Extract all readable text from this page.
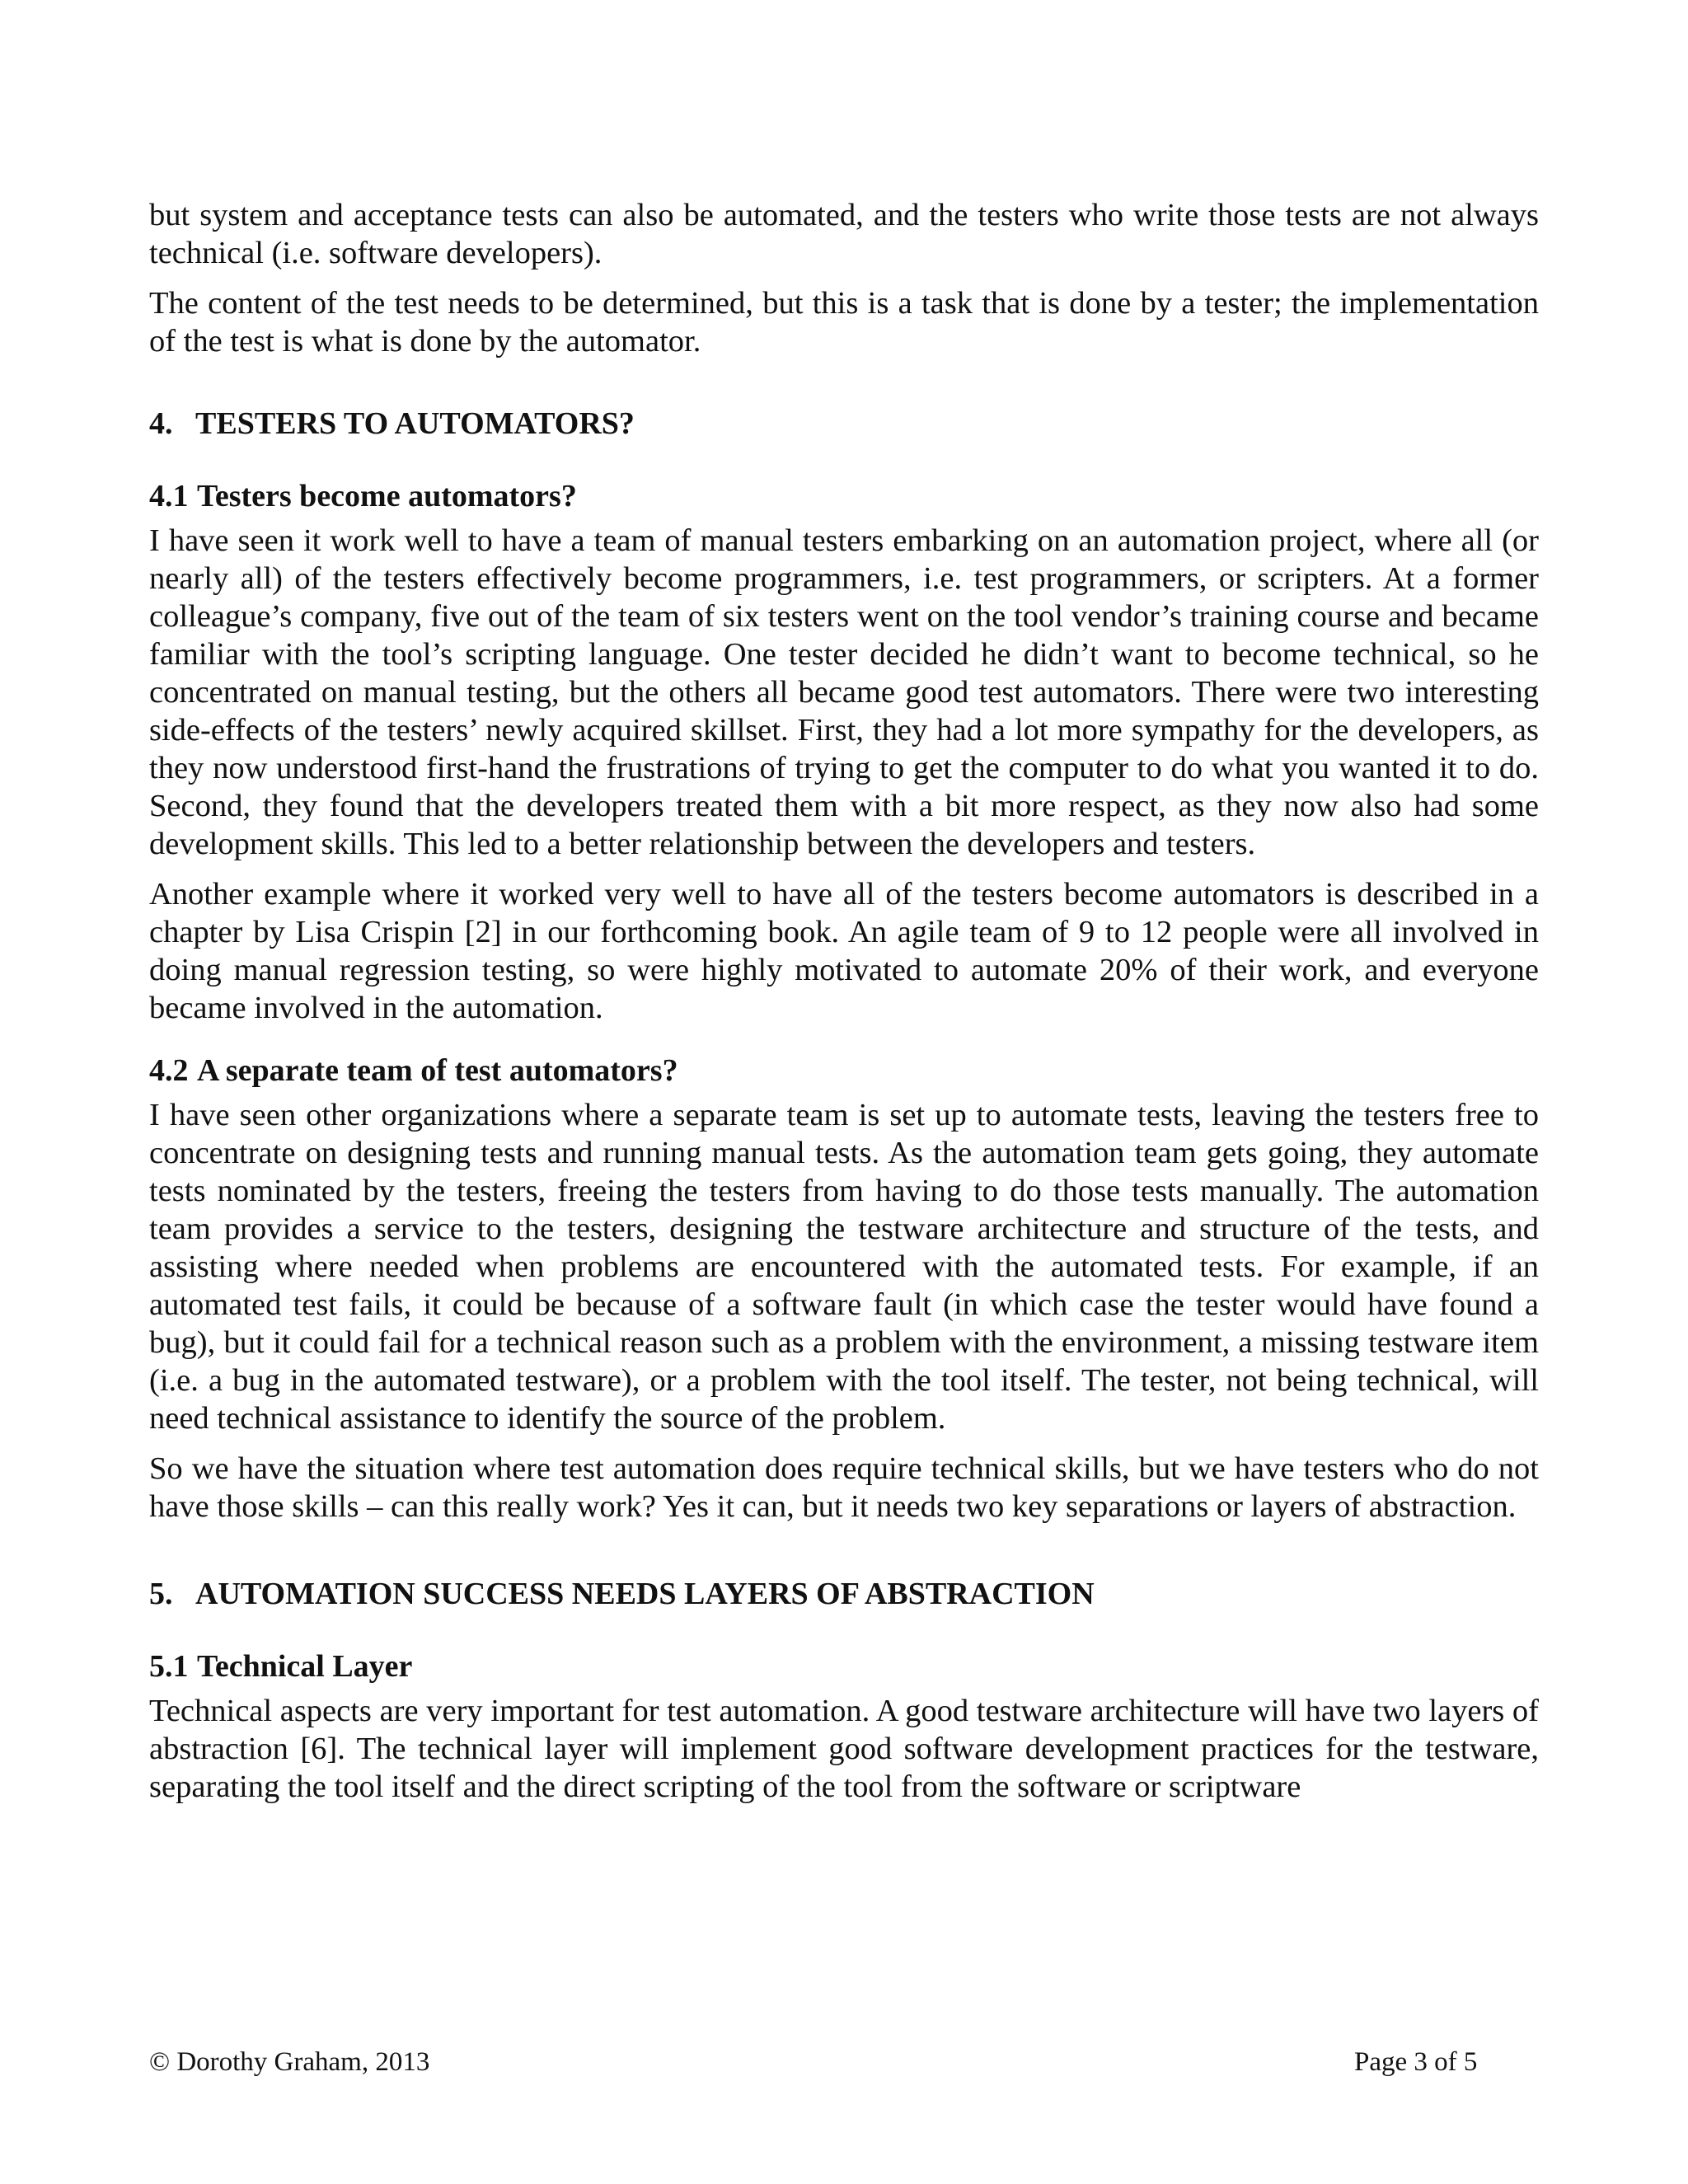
but system and acceptance tests can also be automated, and the testers who write those tests are not always technical (i.e. software developers).

The content of the test needs to be determined, but this is a task that is done by a tester; the implementation of the test is what is done by the automator.

4. TESTERS TO AUTOMATORS?
4.1 Testers become automators?

I have seen it work well to have a team of manual testers embarking on an automation project, where all (or nearly all) of the testers effectively become programmers, i.e. test programmers, or scripters. At a former colleague’s company, five out of the team of six testers went on the tool vendor’s training course and became familiar with the tool’s scripting language. One tester decided he didn’t want to become technical, so he concentrated on manual testing, but the others all became good test automators. There were two interesting side-effects of the testers’ newly acquired skillset. First, they had a lot more sympathy for the developers, as they now understood first-hand the frustrations of trying to get the computer to do what you wanted it to do. Second, they found that the developers treated them with a bit more respect, as they now also had some development skills. This led to a better relationship between the developers and testers.

Another example where it worked very well to have all of the testers become automators is described in a chapter by Lisa Crispin [2] in our forthcoming book. An agile team of 9 to 12 people were all involved in doing manual regression testing, so were highly motivated to automate 20% of their work, and everyone became involved in the automation.

4.2 A separate team of test automators?

I have seen other organizations where a separate team is set up to automate tests, leaving the testers free to concentrate on designing tests and running manual tests. As the automation team gets going, they automate tests nominated by the testers, freeing the testers from having to do those tests manually. The automation team provides a service to the testers, designing the testware architecture and structure of the tests, and assisting where needed when problems are encountered with the automated tests. For example, if an automated test fails, it could be because of a software fault (in which case the tester would have found a bug), but it could fail for a technical reason such as a problem with the environment, a missing testware item (i.e. a bug in the automated testware), or a problem with the tool itself. The tester, not being technical, will need technical assistance to identify the source of the problem.

So we have the situation where test automation does require technical skills, but we have testers who do not have those skills – can this really work? Yes it can, but it needs two key separations or layers of abstraction.

5. AUTOMATION SUCCESS NEEDS LAYERS OF ABSTRACTION
5.1 Technical Layer

Technical aspects are very important for test automation. A good testware architecture will have two layers of abstraction [6]. The technical layer will implement good software development practices for the testware, separating the tool itself and the direct scripting of the tool from the software or scriptware

© Dorothy Graham, 2013	Page 3 of 5
